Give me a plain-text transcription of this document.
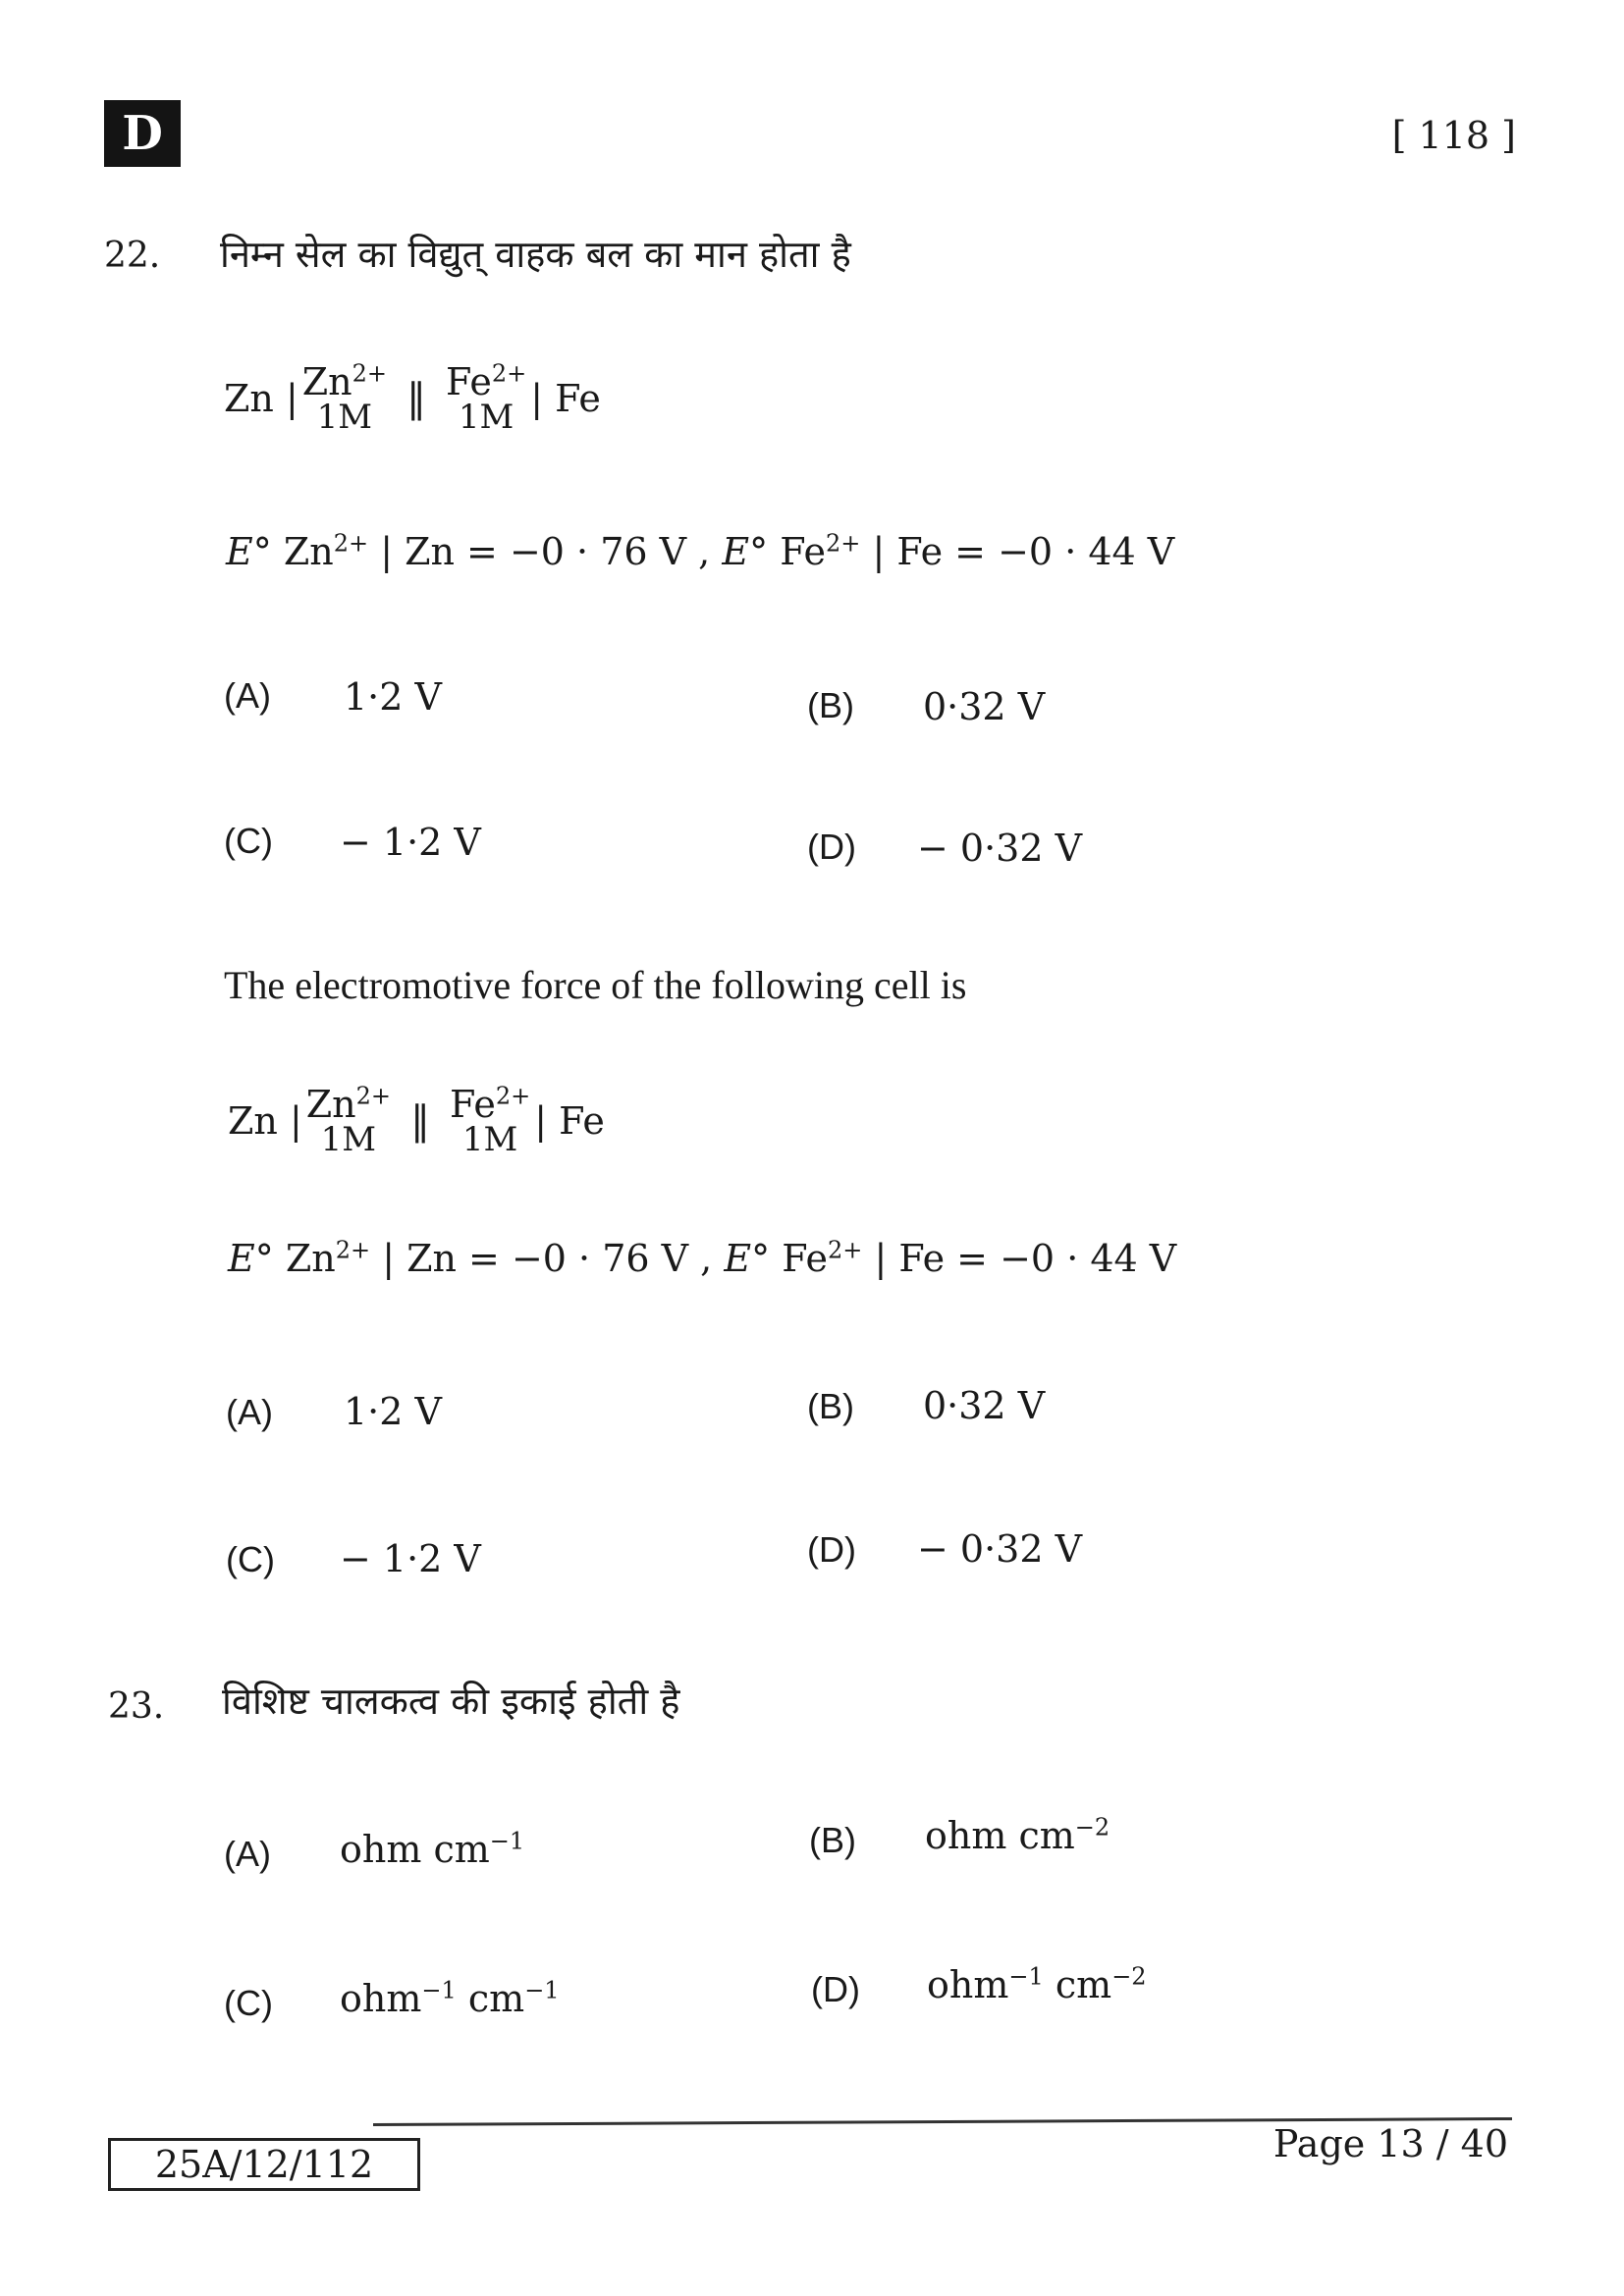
D	[ 118 ]
22. निम्न सेल का विद्युत् वाहक बल का मान होता है
Zn | $Zn^{2+}$
1M ‖ $Fe^{2+}$
1M | Fe
E° $Zn^{2+}$ | Zn = −0 · 76 V , E° $Fe^{2+}$ | Fe = −0 · 44 V
(A) 1·2 V	(B) 0·32 V
(C) − 1·2 V	(D) − 0·32 V
The electromotive force of the following cell is
Zn | $Zn^{2+}$
1M ‖ $Fe^{2+}$
1M | Fe
E° $Zn^{2+}$ | Zn = −0 · 76 V , E° $Fe^{2+}$ | Fe = −0 · 44 V
(A) 1·2 V	(B) 0·32 V
(C) − 1·2 V	(D) − 0·32 V
23. विशिष्ट चालकत्व की इकाई होती है
(A) ohm $cm^{-1}$	(B) ohm $cm^{-2}$
(C) ohm$^{-1}$ $cm^{-1}$	(D) ohm$^{-1}$ $cm^{-2}$
25A/12/112	Page 13 / 40
